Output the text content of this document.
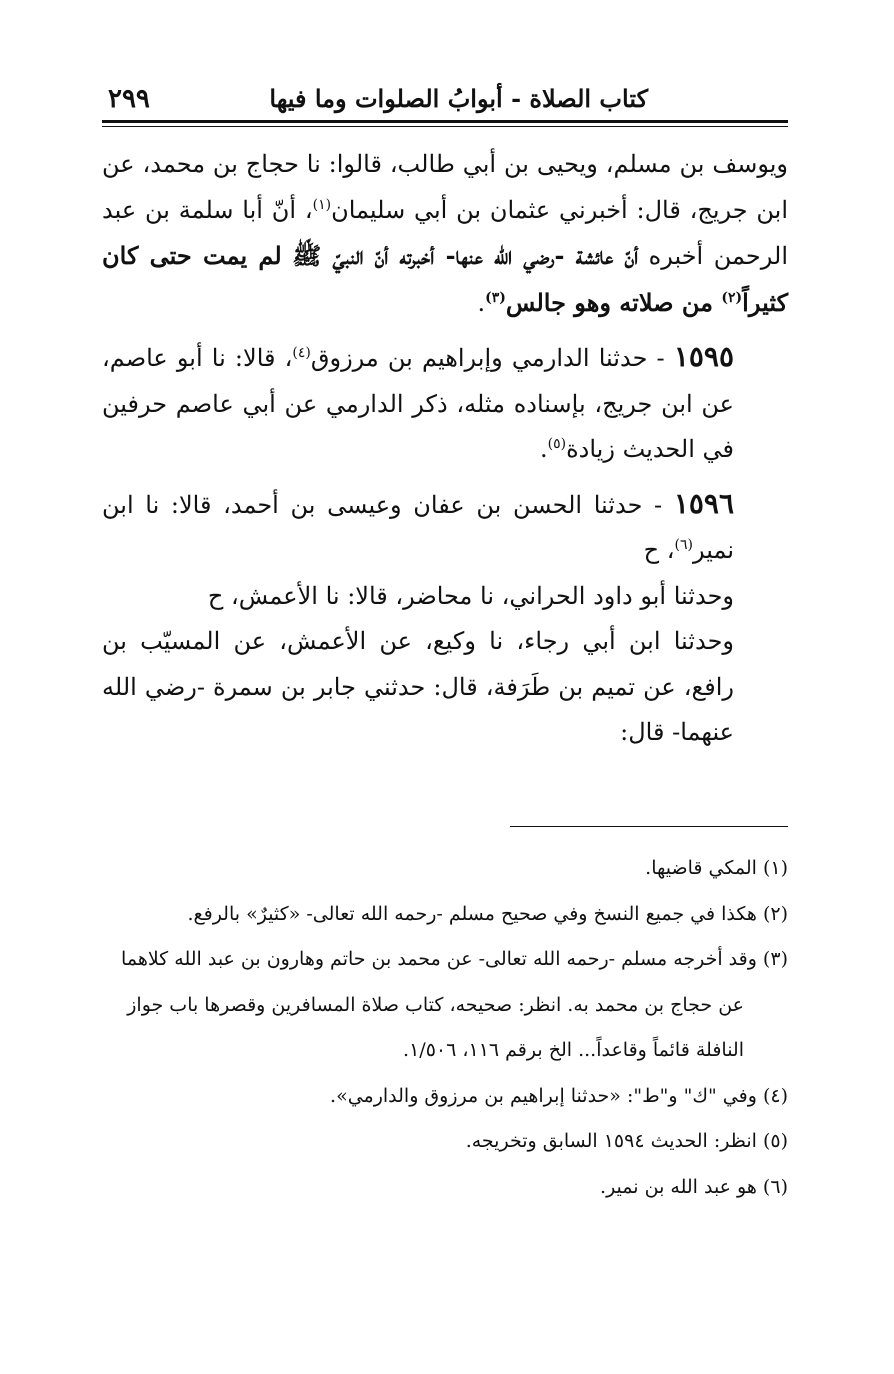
كتاب الصلاة - أبوابُ الصلوات وما فيها
٢٩٩

ويوسف بن مسلم، ويحيى بن أبي طالب، قالوا: نا حجاج بن محمد، عن ابن جريج، قال: أخبرني عثمان بن أبي سليمان$^{(١)}$، أنّ أبا سلمة بن عبد الرحمن أخبره أنّ عائشة -رضي الله عنها- أخبرته أنّ النبيّ ﷺ لم يمت حتى كان كثيراً$^{(٢)}$ من صلاته وهو جالس$^{(٣)}$.

١٥٩٥ - حدثنا الدارمي وإبراهيم بن مرزوق$^{(٤)}$، قالا: نا أبو عاصم، عن ابن جريج، بإسناده مثله، ذكر الدارمي عن أبي عاصم حرفين في الحديث زيادة$^{(٥)}$.

١٥٩٦ - حدثنا الحسن بن عفان وعيسى بن أحمد، قالا: نا ابن نمير$^{(٦)}$، ح

وحدثنا أبو داود الحراني، نا محاضر، قالا: نا الأعمش، ح

وحدثنا ابن أبي رجاء، نا وكيع، عن الأعمش، عن المسيّب بن رافع، عن تميم بن طَرَفة، قال: حدثني جابر بن سمرة -رضي الله عنهما- قال:

(١) المكي قاضيها.

(٢) هكذا في جميع النسخ وفي صحيح مسلم -رحمه الله تعالى- «كثيرٌ» بالرفع.

(٣) وقد أخرجه مسلم -رحمه الله تعالى- عن محمد بن حاتم وهارون بن عبد الله كلاهما

عن حجاج بن محمد به. انظر: صحيحه، كتاب صلاة المسافرين وقصرها باب جواز

النافلة قائماً وقاعداً... الخ برقم ١١٦، ١/٥٠٦.

(٤) وفي "ك" و"ط": «حدثنا إبراهيم بن مرزوق والدارمي».

(٥) انظر: الحديث ١٥٩٤ السابق وتخريجه.

(٦) هو عبد الله بن نمير.
